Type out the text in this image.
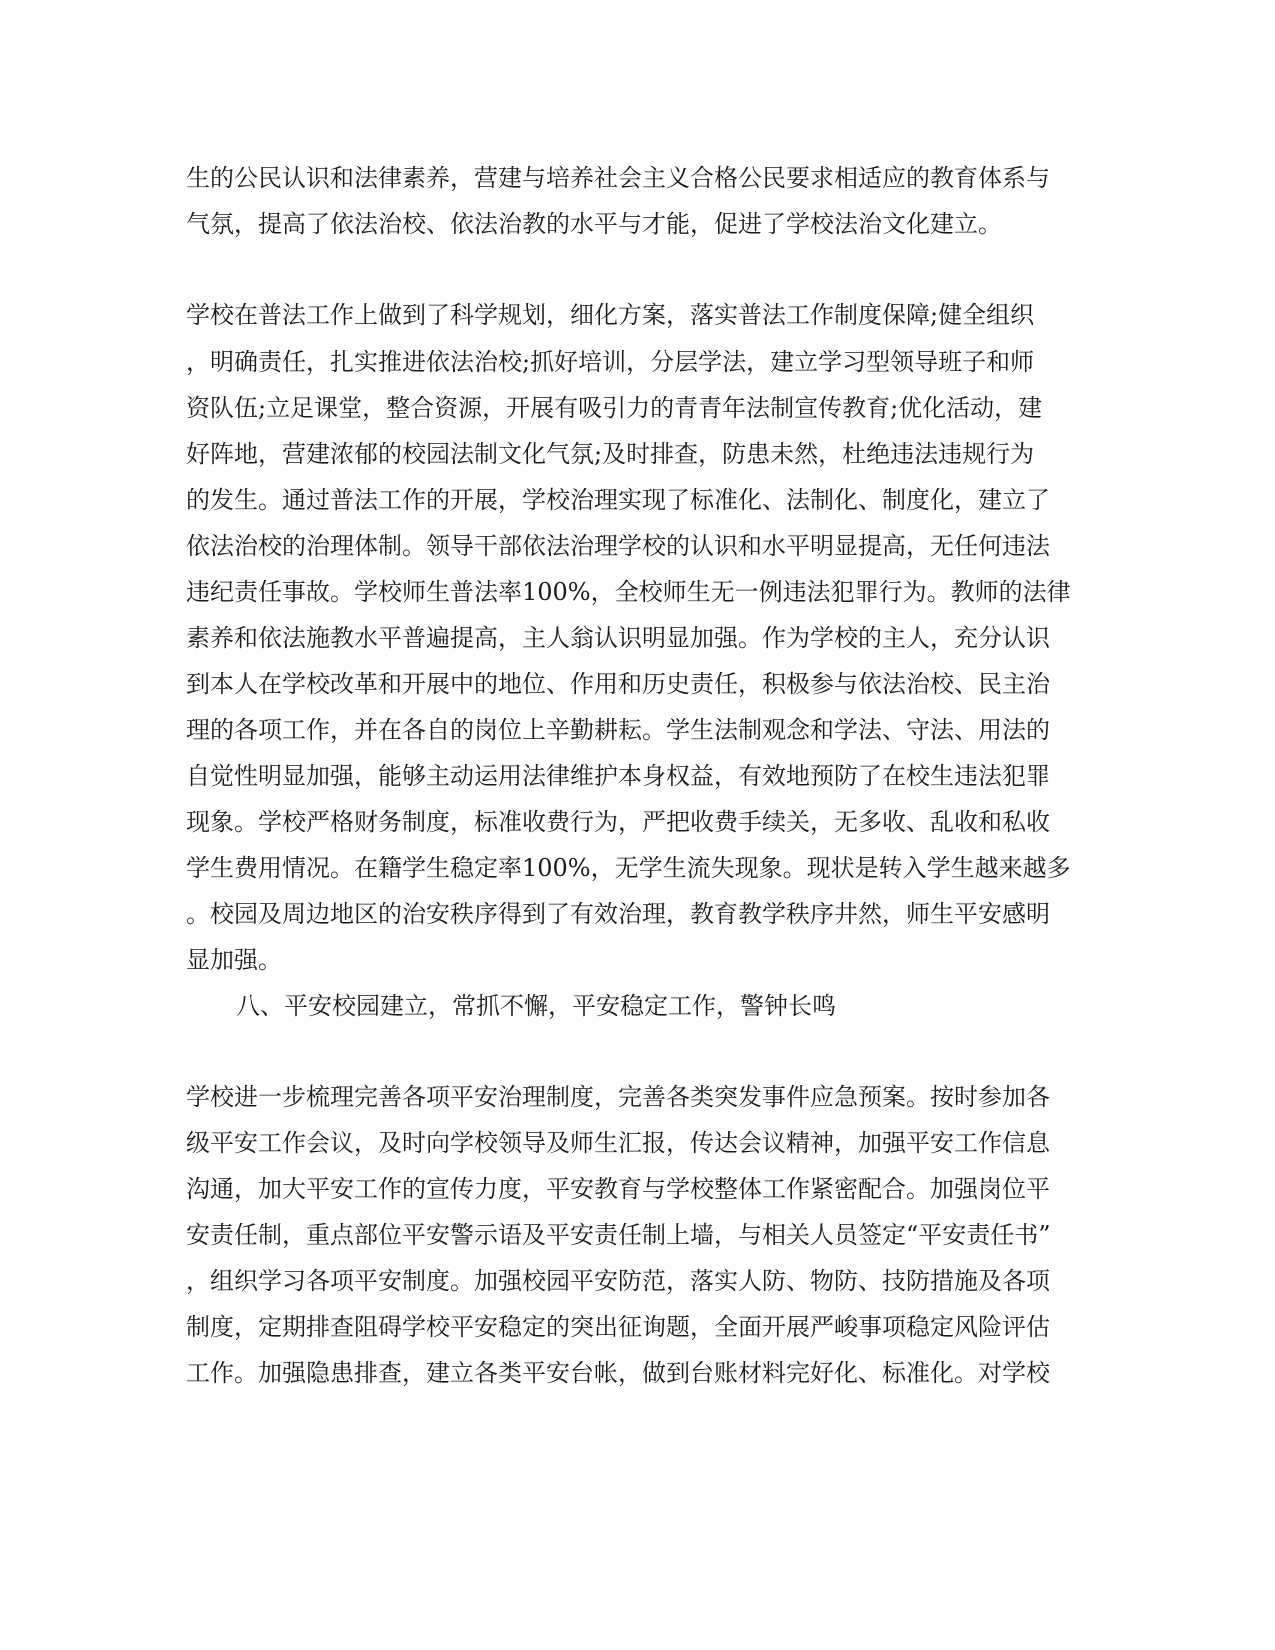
生的公民认识和法律素养，营建与培养社会主义合格公民要求相适应的教育体系与
气氛，提高了依法治校、依法治教的水平与才能，促进了学校法治文化建立。
学校在普法工作上做到了科学规划，细化方案，落实普法工作制度保障;健全组织
，明确责任，扎实推进依法治校;抓好培训，分层学法，建立学习型领导班子和师
资队伍;立足课堂，整合资源，开展有吸引力的青青年法制宣传教育;优化活动，建
好阵地，营建浓郁的校园法制文化气氛;及时排查，防患未然，杜绝违法违规行为
的发生。通过普法工作的开展，学校治理实现了标准化、法制化、制度化，建立了
依法治校的治理体制。领导干部依法治理学校的认识和水平明显提高，无任何违法
违纪责任事故。学校师生普法率100%，全校师生无一例违法犯罪行为。教师的法律
素养和依法施教水平普遍提高，主人翁认识明显加强。作为学校的主人，充分认识
到本人在学校改革和开展中的地位、作用和历史责任，积极参与依法治校、民主治
理的各项工作，并在各自的岗位上辛勤耕耘。学生法制观念和学法、守法、用法的
自觉性明显加强，能够主动运用法律维护本身权益，有效地预防了在校生违法犯罪
现象。学校严格财务制度，标准收费行为，严把收费手续关，无多收、乱收和私收
学生费用情况。在籍学生稳定率100%，无学生流失现象。现状是转入学生越来越多
。校园及周边地区的治安秩序得到了有效治理，教育教学秩序井然，师生平安感明
显加强。
八、平安校园建立，常抓不懈，平安稳定工作，警钟长鸣
学校进一步梳理完善各项平安治理制度，完善各类突发事件应急预案。按时参加各
级平安工作会议，及时向学校领导及师生汇报，传达会议精神，加强平安工作信息
沟通，加大平安工作的宣传力度，平安教育与学校整体工作紧密配合。加强岗位平
安责任制，重点部位平安警示语及平安责任制上墙，与相关人员签定“平安责任书”
，组织学习各项平安制度。加强校园平安防范，落实人防、物防、技防措施及各项
制度，定期排查阻碍学校平安稳定的突出征询题，全面开展严峻事项稳定风险评估
工作。加强隐患排查，建立各类平安台帐，做到台账材料完好化、标准化。对学校
